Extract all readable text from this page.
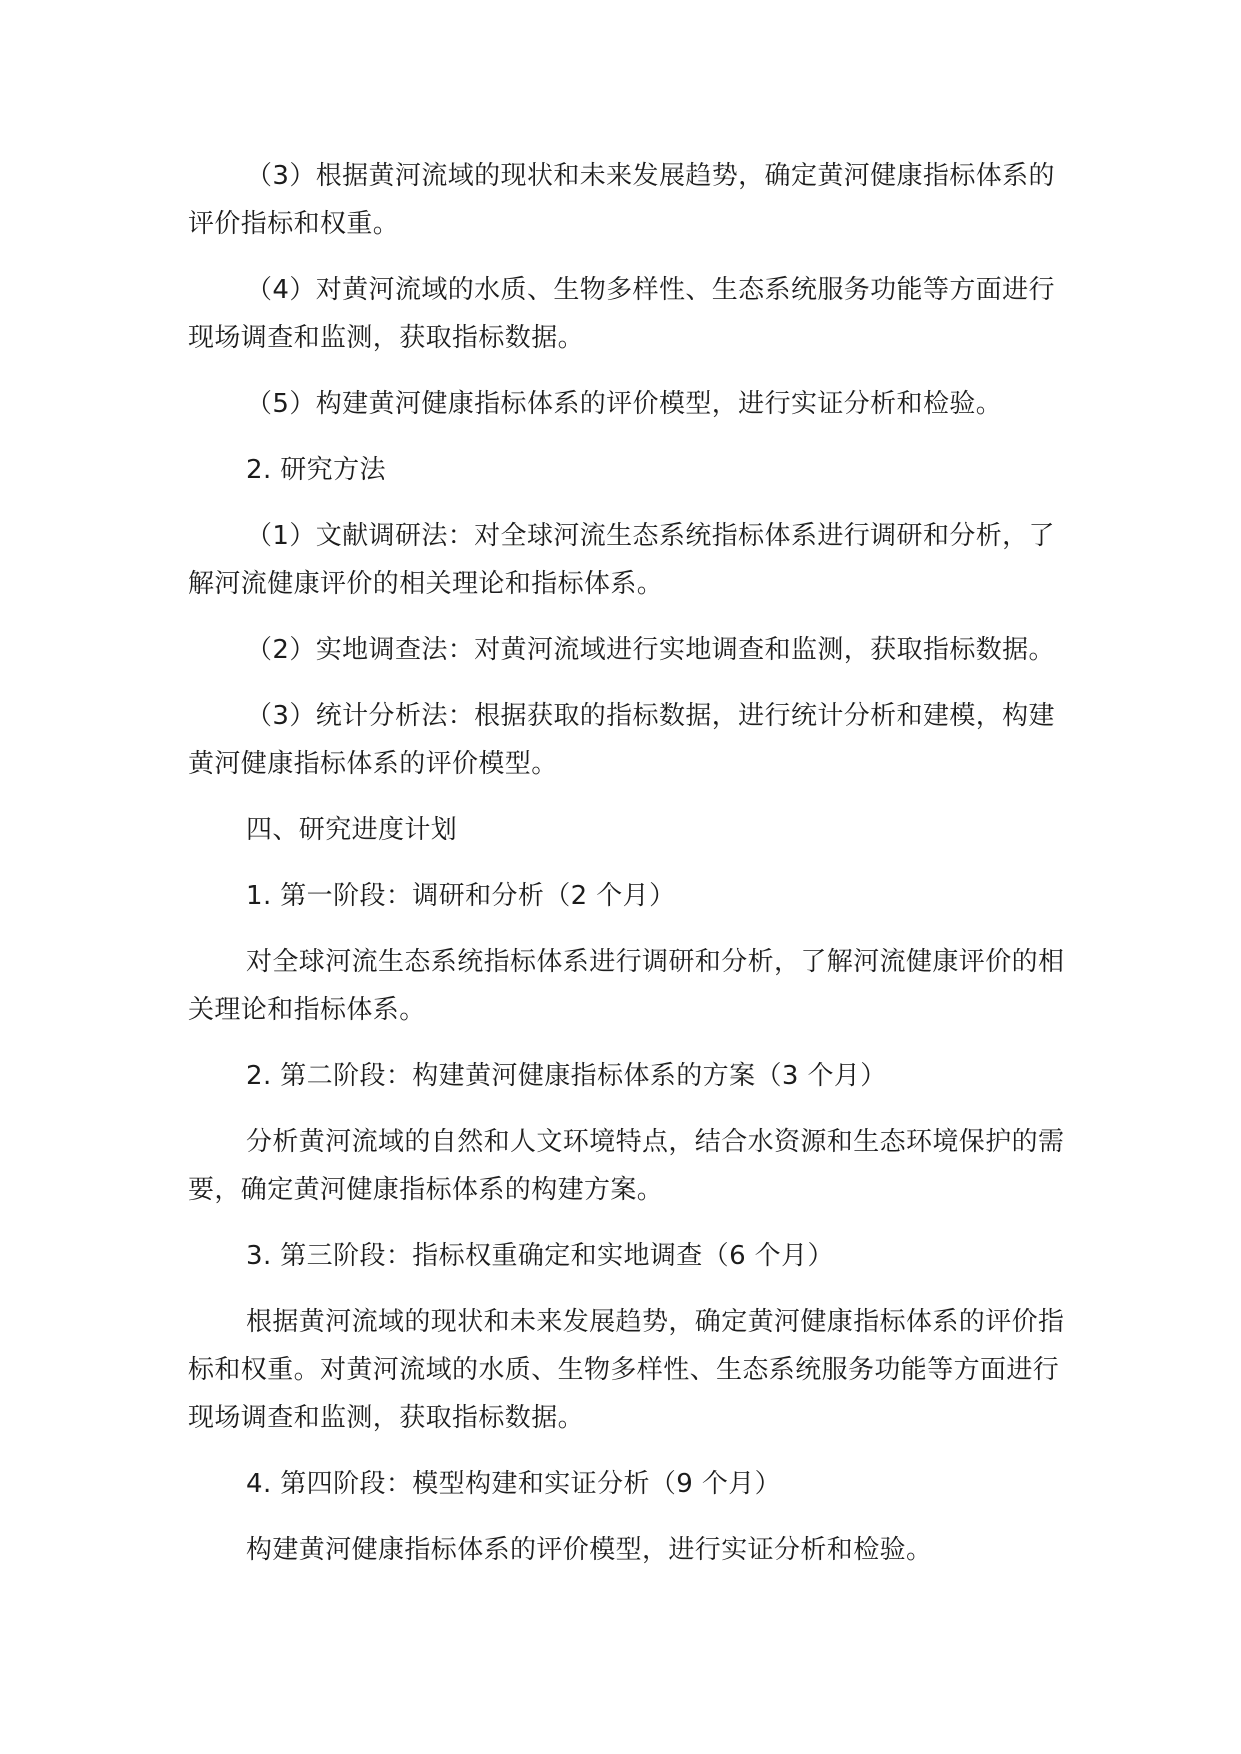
（3）根据黄河流域的现状和未来发展趋势，确定黄河健康指标体系的评价指标和权重。

（4）对黄河流域的水质、生物多样性、生态系统服务功能等方面进行现场调查和监测，获取指标数据。

（5）构建黄河健康指标体系的评价模型，进行实证分析和检验。

2. 研究方法

（1）文献调研法：对全球河流生态系统指标体系进行调研和分析，了解河流健康评价的相关理论和指标体系。

（2）实地调查法：对黄河流域进行实地调查和监测，获取指标数据。

（3）统计分析法：根据获取的指标数据，进行统计分析和建模，构建黄河健康指标体系的评价模型。

四、研究进度计划

1. 第一阶段：调研和分析（2 个月）

对全球河流生态系统指标体系进行调研和分析，了解河流健康评价的相关理论和指标体系。

2. 第二阶段：构建黄河健康指标体系的方案（3 个月）

分析黄河流域的自然和人文环境特点，结合水资源和生态环境保护的需要，确定黄河健康指标体系的构建方案。

3. 第三阶段：指标权重确定和实地调查（6 个月）

根据黄河流域的现状和未来发展趋势，确定黄河健康指标体系的评价指标和权重。对黄河流域的水质、生物多样性、生态系统服务功能等方面进行现场调查和监测，获取指标数据。

4. 第四阶段：模型构建和实证分析（9 个月）

构建黄河健康指标体系的评价模型，进行实证分析和检验。
